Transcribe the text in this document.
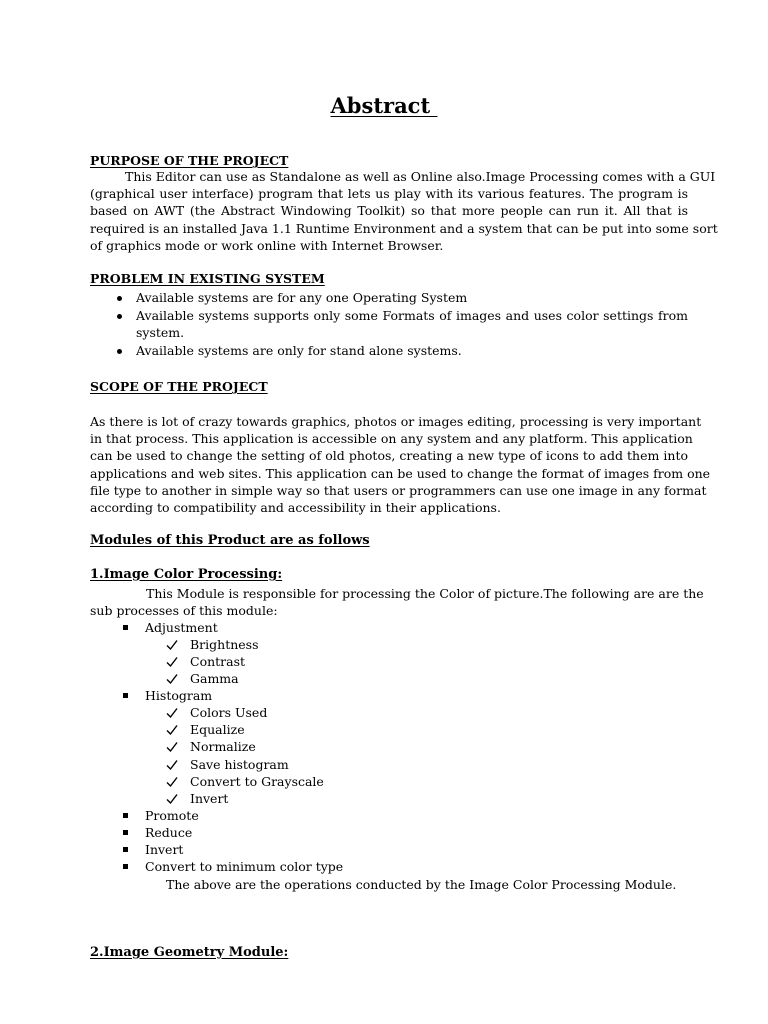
Abstract
PURPOSE OF THE PROJECT
This Editor can use as Standalone as well as Online also.Image Processing comes with a GUI
(graphical user interface) program that lets us play with its various features. The program is
based on AWT (the Abstract Windowing Toolkit) so that more people can run it. All that is
required is an installed Java 1.1 Runtime Environment and a system that can be put into some sort
of graphics mode or work online with Internet Browser.
PROBLEM IN EXISTING SYSTEM
Available systems are for any one Operating System
Available systems supports only some Formats of images and uses color settings from
system.
Available systems are only for stand alone systems.
SCOPE OF THE PROJECT
As there is lot of crazy towards graphics, photos or images editing, processing is very important
in that process. This application is accessible on any system and any platform. This application
can be used to change the setting of old photos, creating a new type of icons to add them into
applications and web sites. This application can be used to change the format of images from one
file type to another in simple way so that users or programmers can use one image in any format
according to compatibility and accessibility in their applications.
Modules of this Product are as follows
1.Image Color Processing:
This Module is responsible for processing the Color of picture.The following are are the
sub processes of this module:
Adjustment
Brightness
Contrast
Gamma
Histogram
Colors Used
Equalize
Normalize
Save histogram
Convert to Grayscale
Invert
Promote
Reduce
Invert
Convert to minimum color type
The above are the operations conducted by the Image Color Processing Module.
2.Image Geometry Module:
